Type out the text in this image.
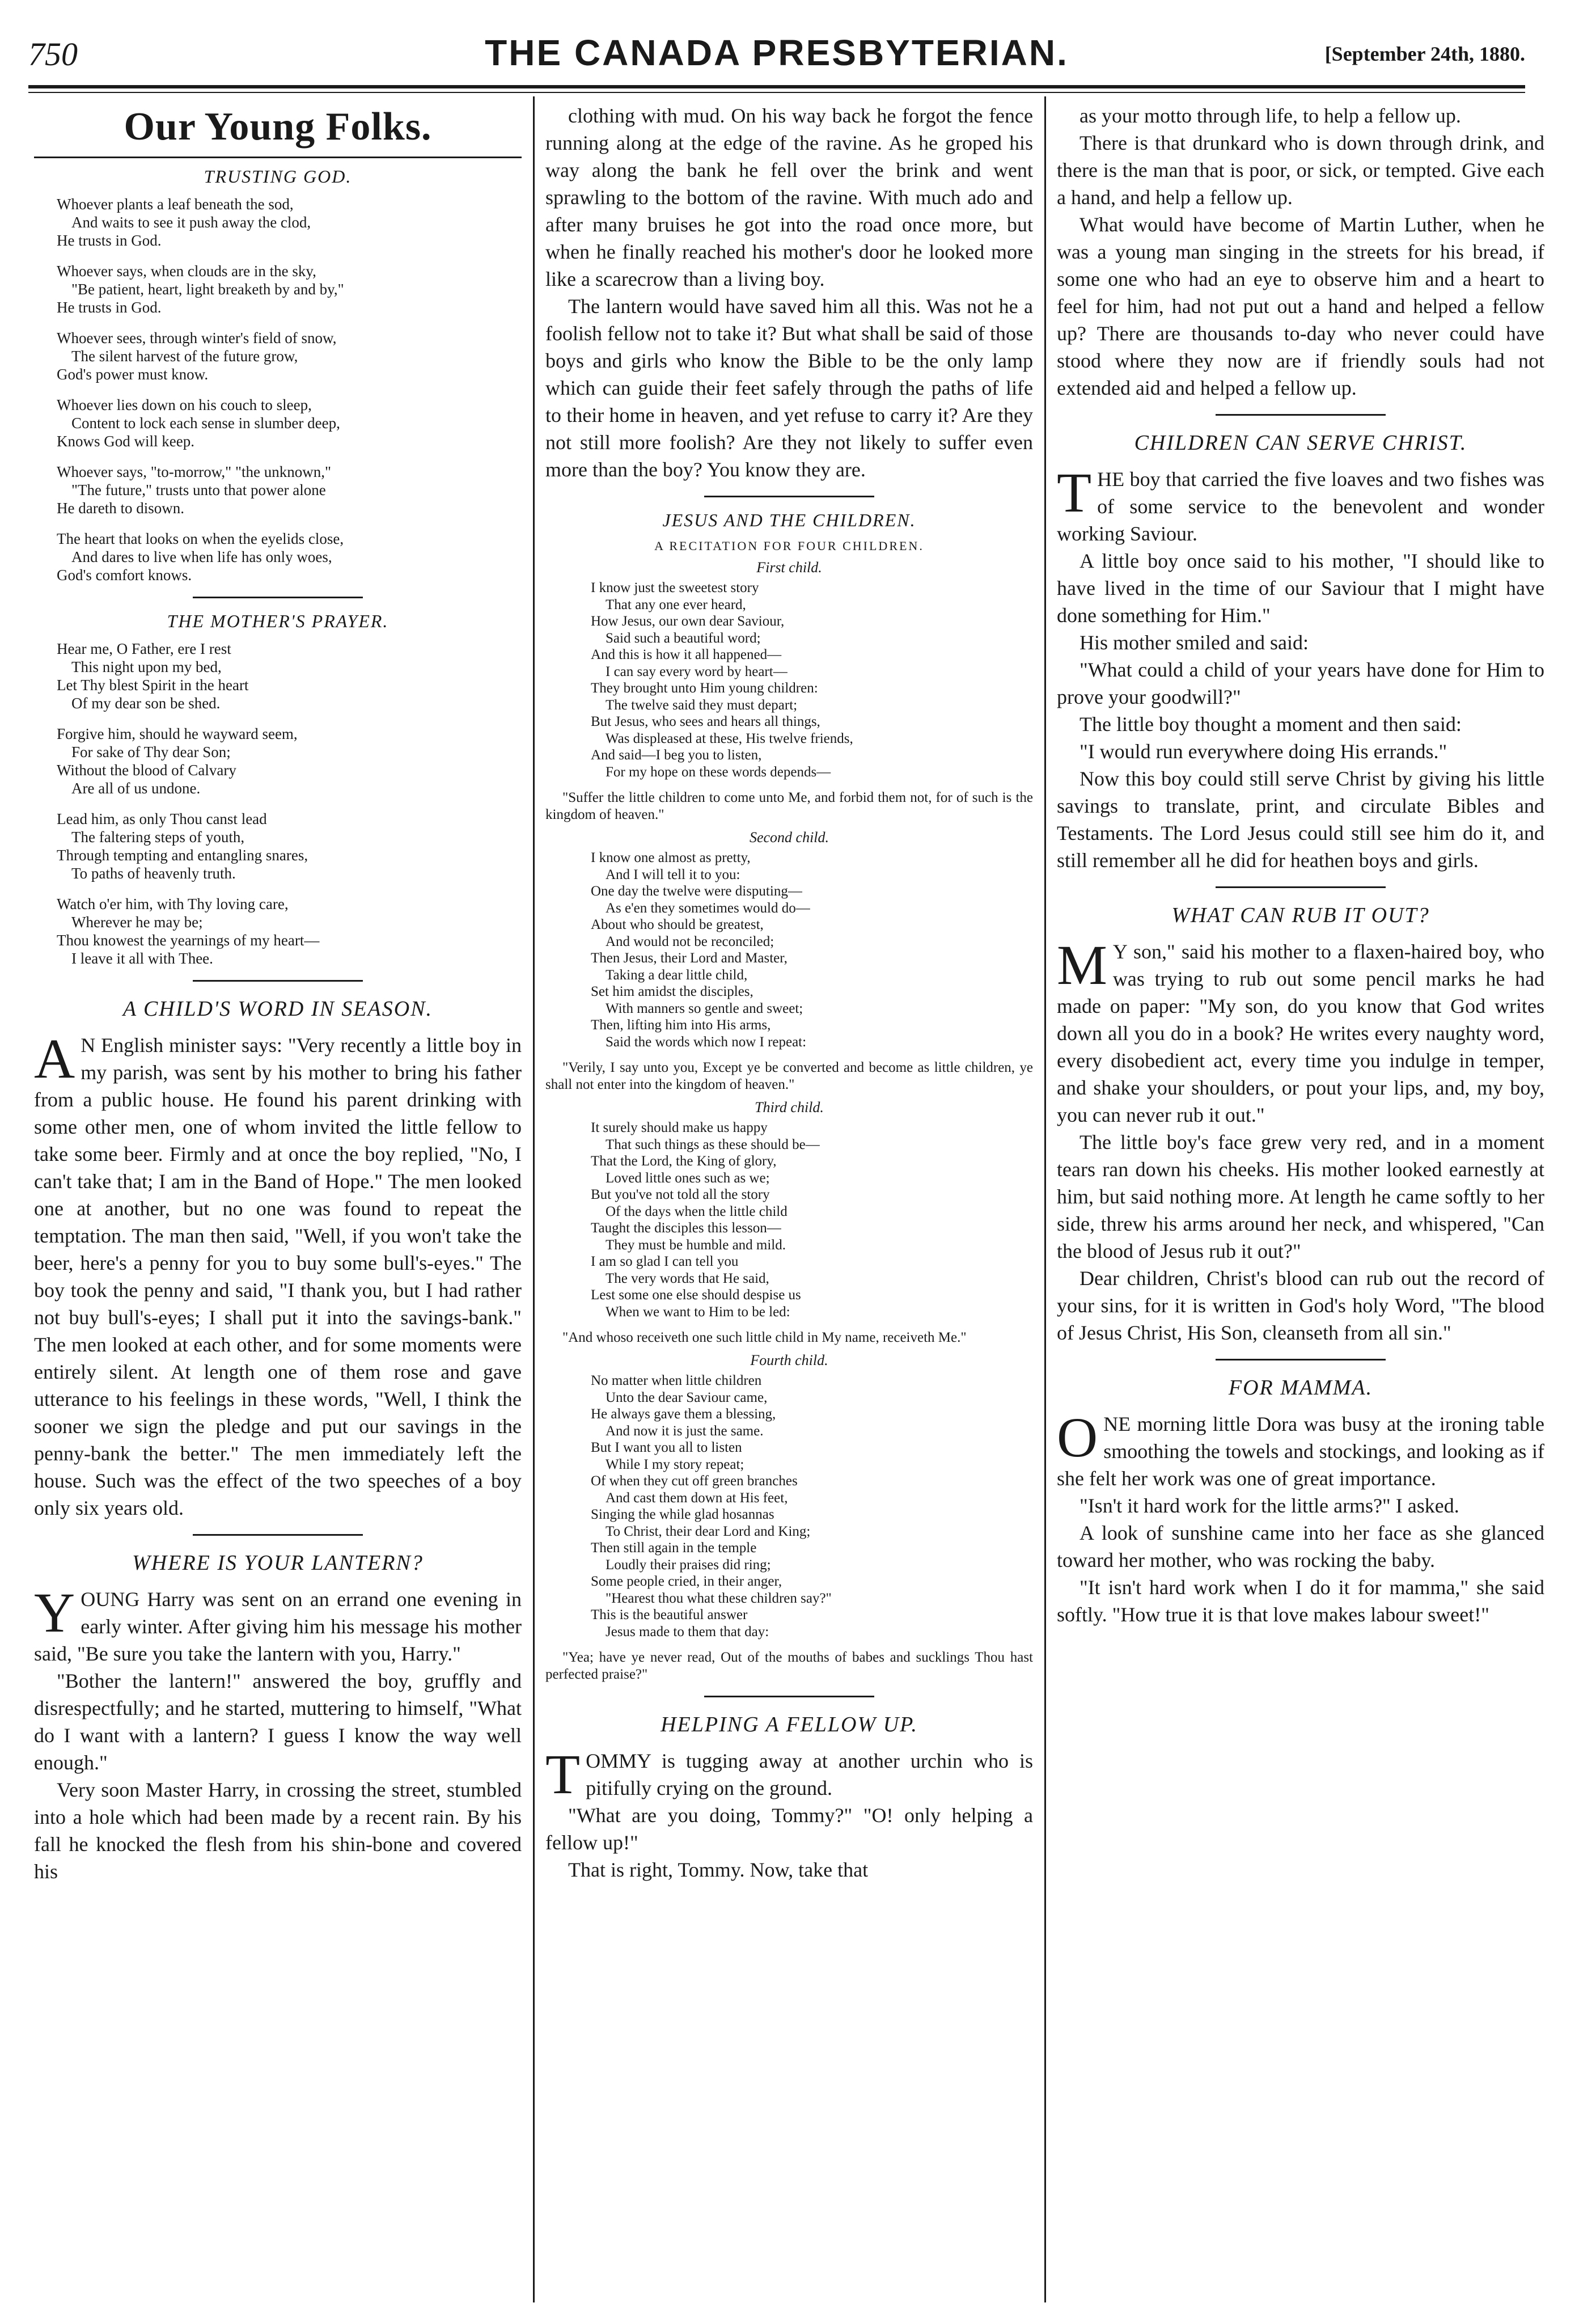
750	THE CANADA PRESBYTERIAN.	[September 24th, 1880.
Our Young Folks.
TRUSTING GOD.
Whoever plants a leaf beneath the sod,
And waits to see it push away the clod,
He trusts in God.
Whoever says, when clouds are in the sky,
"Be patient, heart, light breaketh by and by,"
He trusts in God.
Whoever sees, through winter's field of snow,
The silent harvest of the future grow,
God's power must know.
Whoever lies down on his couch to sleep,
Content to lock each sense in slumber deep,
Knows God will keep.
Whoever says, "to-morrow," "the unknown,"
"The future," trusts unto that power alone
He dareth to disown.
The heart that looks on when the eyelids close,
And dares to live when life has only woes,
God's comfort knows.
THE MOTHER'S PRAYER.
Hear me, O Father, ere I rest
This night upon my bed,
Let Thy blest Spirit in the heart
Of my dear son be shed.
Forgive him, should he wayward seem,
For sake of Thy dear Son;
Without the blood of Calvary
Are all of us undone.
Lead him, as only Thou canst lead
The faltering steps of youth,
Through tempting and entangling snares,
To paths of heavenly truth.
Watch o'er him, with Thy loving care,
Wherever he may be;
Thou knowest the yearnings of my heart—
I leave it all with Thee.
A CHILD'S WORD IN SEASON.

A N English minister says: "Very recently a little boy in my parish, was sent by his mother to bring his father from a public house. He found his parent drinking with some other men, one of whom invited the little fellow to take some beer. Firmly and at once the boy replied, "No, I can't take that; I am in the Band of Hope." The men looked one at another, but no one was found to repeat the temptation. The man then said, "Well, if you won't take the beer, here's a penny for you to buy some bull's-eyes." The boy took the penny and said, "I thank you, but I had rather not buy bull's-eyes; I shall put it into the savings-bank." The men looked at each other, and for some moments were entirely silent. At length one of them rose and gave utterance to his feelings in these words, "Well, I think the sooner we sign the pledge and put our savings in the penny-bank the better." The men immediately left the house. Such was the effect of the two speeches of a boy only six years old.

WHERE IS YOUR LANTERN?

YOUNG Harry was sent on an errand one evening in early winter. After giving him his message his mother said, "Be sure you take the lantern with you, Harry."

"Bother the lantern!" answered the boy, gruffly and disrespectfully; and he started, muttering to himself, "What do I want with a lantern? I guess I know the way well enough."

Very soon Master Harry, in crossing the street, stumbled into a hole which had been made by a recent rain. By his fall he knocked the flesh from his shin-bone and covered his

clothing with mud. On his way back he forgot the fence running along at the edge of the ravine. As he groped his way along the bank he fell over the brink and went sprawling to the bottom of the ravine. With much ado and after many bruises he got into the road once more, but when he finally reached his mother's door he looked more like a scarecrow than a living boy.

The lantern would have saved him all this. Was not he a foolish fellow not to take it? But what shall be said of those boys and girls who know the Bible to be the only lamp which can guide their feet safely through the paths of life to their home in heaven, and yet refuse to carry it? Are they not still more foolish? Are they not likely to suffer even more than the boy? You know they are.

JESUS AND THE CHILDREN.
A RECITATION FOR FOUR CHILDREN.
First child.
I know just the sweetest story
That any one ever heard,
How Jesus, our own dear Saviour,
Said such a beautiful word;
And this is how it all happened—
I can say every word by heart—
They brought unto Him young children:
The twelve said they must depart;
But Jesus, who sees and hears all things,
Was displeased at these, His twelve friends,
And said—I beg you to listen,
For my hope on these words depends—
"Suffer the little children to come unto Me, and forbid them not, for of such is the kingdom of heaven."
Second child.
I know one almost as pretty,
And I will tell it to you:
One day the twelve were disputing—
As e'en they sometimes would do—
About who should be greatest,
And would not be reconciled;
Then Jesus, their Lord and Master,
Taking a dear little child,
Set him amidst the disciples,
With manners so gentle and sweet;
Then, lifting him into His arms,
Said the words which now I repeat:
"Verily, I say unto you, Except ye be converted and become as little children, ye shall not enter into the kingdom of heaven."
Third child.
It surely should make us happy
That such things as these should be—
That the Lord, the King of glory,
Loved little ones such as we;
But you've not told all the story
Of the days when the little child
Taught the disciples this lesson—
They must be humble and mild.
I am so glad I can tell you
The very words that He said,
Lest some one else should despise us
When we want to Him to be led:
"And whoso receiveth one such little child in My name, receiveth Me."
Fourth child.
No matter when little children
Unto the dear Saviour came,
He always gave them a blessing,
And now it is just the same.
But I want you all to listen
While I my story repeat;
Of when they cut off green branches
And cast them down at His feet,
Singing the while glad hosannas
To Christ, their dear Lord and King;
Then still again in the temple
Loudly their praises did ring;
Some people cried, in their anger,
"Hearest thou what these children say?"
This is the beautiful answer
Jesus made to them that day:
"Yea; have ye never read, Out of the mouths of babes and sucklings Thou hast perfected praise?"
HELPING A FELLOW UP.

TOMMY is tugging away at another urchin who is pitifully crying on the ground.

"What are you doing, Tommy?" "O! only helping a fellow up!"

That is right, Tommy. Now, take that

as your motto through life, to help a fellow up.

There is that drunkard who is down through drink, and there is the man that is poor, or sick, or tempted. Give each a hand, and help a fellow up.

What would have become of Martin Luther, when he was a young man singing in the streets for his bread, if some one who had an eye to observe him and a heart to feel for him, had not put out a hand and helped a fellow up? There are thousands to-day who never could have stood where they now are if friendly souls had not extended aid and helped a fellow up.

CHILDREN CAN SERVE CHRIST.

THE boy that carried the five loaves and two fishes was of some service to the benevolent and wonder working Saviour.

A little boy once said to his mother, "I should like to have lived in the time of our Saviour that I might have done something for Him."

His mother smiled and said:

"What could a child of your years have done for Him to prove your goodwill?"

The little boy thought a moment and then said:

"I would run everywhere doing His errands."

Now this boy could still serve Christ by giving his little savings to translate, print, and circulate Bibles and Testaments. The Lord Jesus could still see him do it, and still remember all he did for heathen boys and girls.

WHAT CAN RUB IT OUT?

M Y son," said his mother to a flaxen-haired boy, who was trying to rub out some pencil marks he had made on paper: "My son, do you know that God writes down all you do in a book? He writes every naughty word, every disobedient act, every time you indulge in temper, and shake your shoulders, or pout your lips, and, my boy, you can never rub it out."

The little boy's face grew very red, and in a moment tears ran down his cheeks. His mother looked earnestly at him, but said nothing more. At length he came softly to her side, threw his arms around her neck, and whispered, "Can the blood of Jesus rub it out?"

Dear children, Christ's blood can rub out the record of your sins, for it is written in God's holy Word, "The blood of Jesus Christ, His Son, cleanseth from all sin."

FOR MAMMA.

ONE morning little Dora was busy at the ironing table smoothing the towels and stockings, and looking as if she felt her work was one of great importance.

"Isn't it hard work for the little arms?" I asked.

A look of sunshine came into her face as she glanced toward her mother, who was rocking the baby.

"It isn't hard work when I do it for mamma," she said softly. "How true it is that love makes labour sweet!"
